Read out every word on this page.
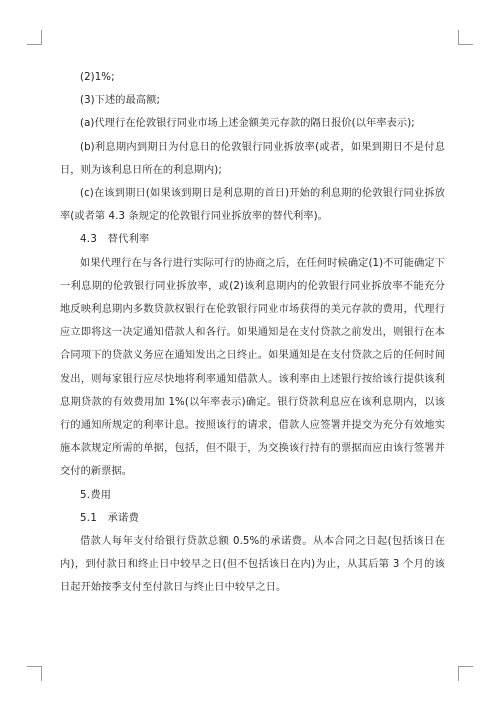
(2)1%;

(3)下述的最高额;

(a)代理行在伦敦银行同业市场上述金额美元存款的隔日报价(以年率表示);

(b)利息期内到期日为付息日的伦敦银行同业拆放率(或者，如果到期日不是付息日，则为该利息日所在的利息期内);

(c)在该到期日(如果该到期日是利息期的首日)开始的利息期的伦敦银行同业拆放率(或者第 4.3 条规定的伦敦银行同业拆放率的替代利率)。

4.3　替代利率

如果代理行在与各行进行实际可行的协商之后，在任何时候确定(1)不可能确定下一利息期的伦敦银行同业拆放率，或(2)该利息期内的伦敦银行同业拆放率不能充分地反映利息期内多数贷款权银行在伦敦银行同业市场获得的美元存款的费用，代理行应立即将这一决定通知借款人和各行。如果通知是在支付贷款之前发出，则银行在本合同项下的贷款义务应在通知发出之日终止。如果通知是在支付贷款之后的任何时间发出，则每家银行应尽快地将利率通知借款人。该利率由上述银行按给该行提供该利息期贷款的有效费用加 1%(以年率表示)确定。银行贷款利息应在该利息期内，以该行的通知所规定的利率计息。按照该行的请求，借款人应签署并提交为充分有效地实施本款规定所需的单据，包括，但不限于，为交换该行持有的票据而应由该行签署并交付的新票据。

5.费用

5.1　承诺费

借款人每年支付给银行贷款总额 0.5%的承诺费。从本合同之日起(包括该日在内)，到付款日和终止日中较早之日(但不包括该日在内)为止，从其后第 3 个月的该日起开始按季支付至付款日与终止日中较早之日。
